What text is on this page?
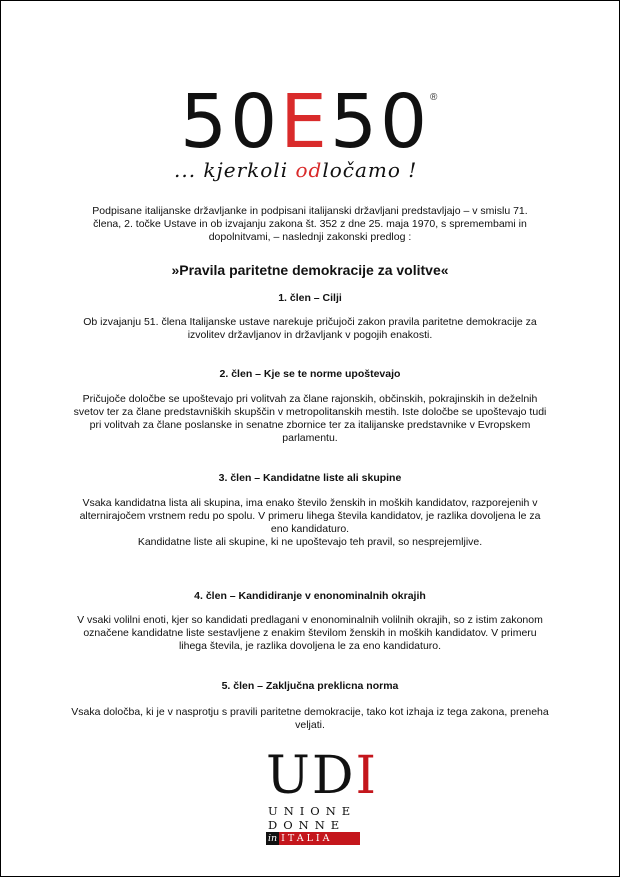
50E50 ®
... kjerkoli odločamo !
Podpisane italijanske državljanke in podpisani italijanski državljani predstavljajo – v smislu 71. člena, 2. točke Ustave in ob izvajanju zakona št. 352 z dne 25. maja 1970, s spremembami in dopolnitvami, – naslednji zakonski predlog :
»Pravila paritetne demokracije za volitve«
1. člen – Cilji

Ob izvajanju 51. člena Italijanske ustave narekuje pričujoči zakon pravila paritetne demokracije za izvolitev državljanov in državljank v pogojih enakosti.

2. člen – Kje se te norme upoštevajo

Pričujoče določbe se upoštevajo pri volitvah za člane rajonskih, občinskih, pokrajinskih in deželnih svetov ter za člane predstavniških skupščin v metropolitanskih mestih. Iste določbe se upoštevajo tudi pri volitvah za člane poslanske in senatne zbornice ter za italijanske predstavnike v Evropskem parlamentu.

3. člen – Kandidatne liste ali skupine

Vsaka kandidatna lista ali skupina, ima enako število ženskih in moških kandidatov, razporejenih v alternirajočem vrstnem redu po spolu. V primeru lihega števila kandidatov, je razlika dovoljena le za eno kandidaturo.

Kandidatne liste ali skupine, ki ne upoštevajo teh pravil, so nesprejemljive.

4. člen – Kandidiranje v enonominalnih okrajih

V vsaki volilni enoti, kjer so kandidati predlagani v enonominalnih volilnih okrajih, so z istim zakonom označene kandidatne liste sestavljene z enakim številom ženskih in moških kandidatov. V primeru lihega števila, je razlika dovoljena le za eno kandidaturo.

5. člen – Zaključna preklicna norma

Vsaka določba, ki je v nasprotju s pravili paritetne demokracije, tako kot izhaja iz tega zakona, preneha veljati.

UDI
UNIONE
DONNE
in ITALIA
